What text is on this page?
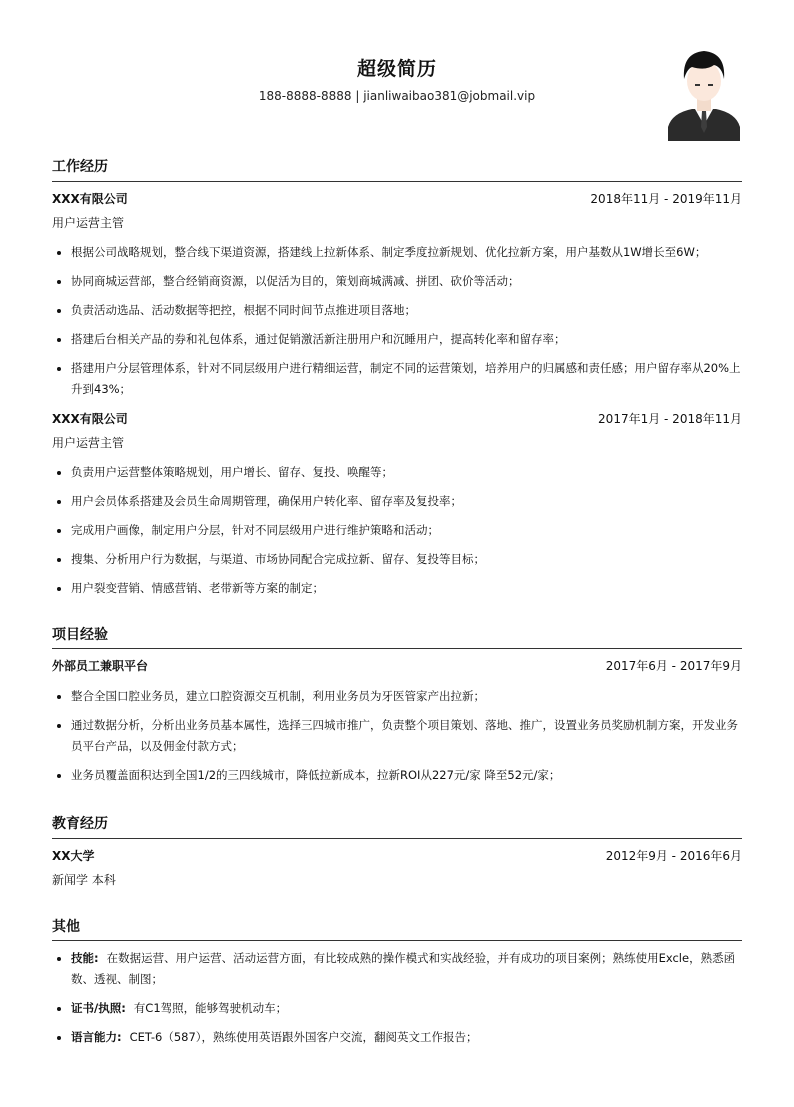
超级简历
188-8888-8888 | jianliwaibao381@jobmail.vip
工作经历
XXX有限公司	2018年11月 - 2019年11月
用户运营主管
• 根据公司战略规划，整合线下渠道资源，搭建线上拉新体系、制定季度拉新规划、优化拉新方案，用户基数从1W增长至6W；
• 协同商城运营部，整合经销商资源，以促活为目的，策划商城满减、拼团、砍价等活动；
• 负责活动选品、活动数据等把控，根据不同时间节点推进项目落地；
• 搭建后台相关产品的券和礼包体系，通过促销激活新注册用户和沉睡用户，提高转化率和留存率；
• 搭建用户分层管理体系，针对不同层级用户进行精细运营，制定不同的运营策划，培养用户的归属感和责任感；用户留存率从20%上升到43%；
XXX有限公司	2017年1月 - 2018年11月
用户运营主管
• 负责用户运营整体策略规划，用户增长、留存、复投、唤醒等；
• 用户会员体系搭建及会员生命周期管理，确保用户转化率、留存率及复投率；
• 完成用户画像，制定用户分层，针对不同层级用户进行维护策略和活动；
• 搜集、分析用户行为数据，与渠道、市场协同配合完成拉新、留存、复投等目标；
• 用户裂变营销、情感营销、老带新等方案的制定；
项目经验
外部员工兼职平台	2017年6月 - 2017年9月
• 整合全国口腔业务员，建立口腔资源交互机制，利用业务员为牙医管家产出拉新；
• 通过数据分析，分析出业务员基本属性，选择三四城市推广，负责整个项目策划、落地、推广，设置业务员奖励机制方案，开发业务员平台产品，以及佣金付款方式；
• 业务员覆盖面积达到全国1/2的三四线城市，降低拉新成本，拉新ROI从227元/家 降至52元/家；
教育经历
XX大学	2012年9月 - 2016年6月
新闻学 本科
其他
• 技能: 在数据运营、用户运营、活动运营方面，有比较成熟的操作模式和实战经验，并有成功的项目案例；熟练使用Excle，熟悉函数、透视、制图；
• 证书/执照: 有C1驾照，能够驾驶机动车；
• 语言能力: CET-6（587），熟练使用英语跟外国客户交流，翻阅英文工作报告；
